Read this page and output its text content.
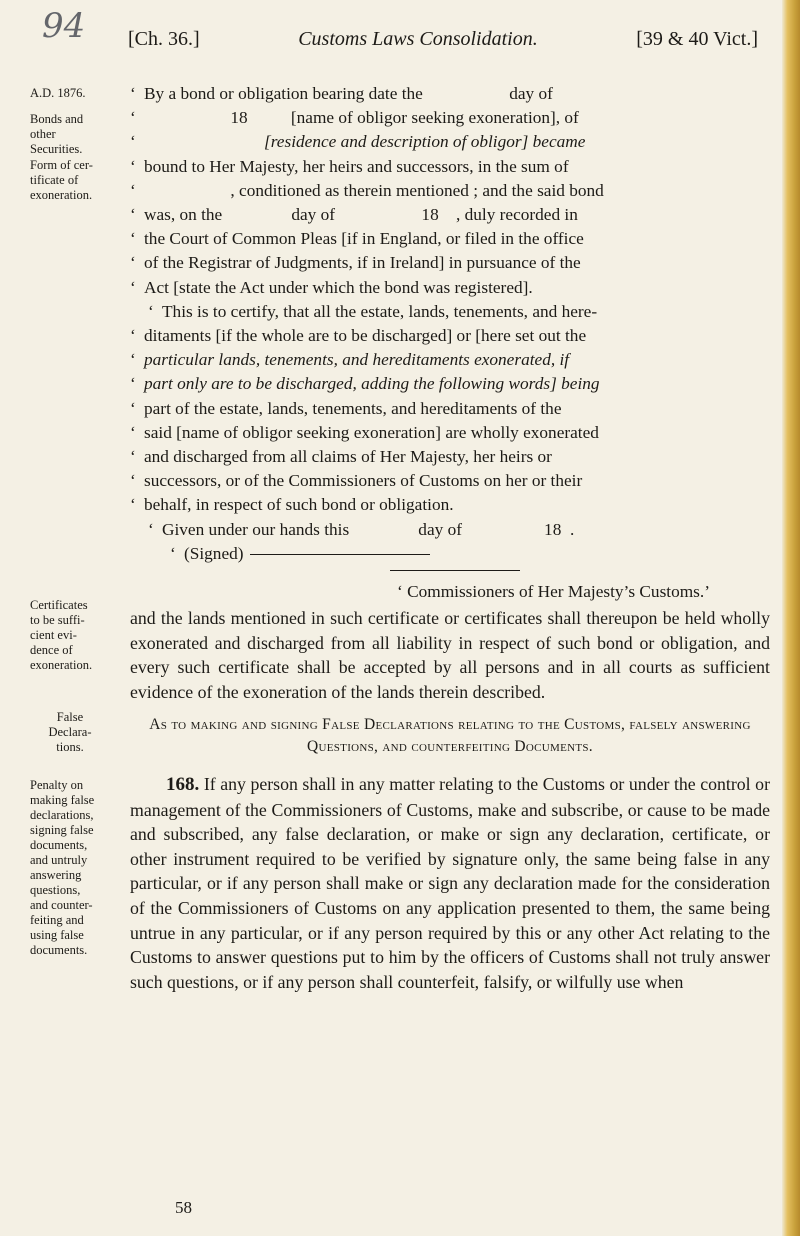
94 [Ch. 36.]	Customs Laws Consolidation.	[39 & 40 Vict.]
A.D. 1876.
Bonds and
other
Securities.
Form of cer-
tificate of
exoneration.
Certificates
to be suffi-
cient evi-
dence of
exoneration.
False
Declara-
tions.
Penalty on
making false
declarations,
signing false
documents,
and untruly
answering
questions,
and counter-
feiting and
using false
documents.
‘ By a bond or obligation bearing date the                    day of
‘                    18          [name of obligor seeking exoneration], of
‘	[residence and description of obligor] became
‘ bound to Her Majesty, her heirs and successors, in the sum of
‘                    , conditioned as therein mentioned ; and the said bond
‘ was, on the                day of                    18    , duly recorded in
‘ the Court of Common Pleas [if in England, or filed in the office
‘ of the Registrar of Judgments, if in Ireland] in pursuance of the
‘ Act [state the Act under which the bond was registered].
‘ This is to certify, that all the estate, lands, tenements, and here-
‘ ditaments [if the whole are to be discharged] or [here set out the
‘ particular lands, tenements, and hereditaments exonerated, if
‘ part only are to be discharged, adding the following words] being
‘ part of the estate, lands, tenements, and hereditaments of the
‘ said [name of obligor seeking exoneration] are wholly exonerated
‘ and discharged from all claims of Her Majesty, her heirs or
‘ successors, or of the Commissioners of Customs on her or their
‘ behalf, in respect of such bond or obligation.
‘ Given under our hands this                day of                   18  .
‘ (Signed)
‘ Commissioners of Her Majesty’s Customs.’
and the lands mentioned in such certificate or certificates shall thereupon be held wholly exonerated and discharged from all liability in respect of such bond or obligation, and every such certificate shall be accepted by all persons and in all courts as sufficient evidence of the exoneration of the lands therein described.
As to making and signing False Declarations relating to the Customs, falsely answering Questions, and counterfeiting Documents.
168. If any person shall in any matter relating to the Customs or under the control or management of the Commissioners of Customs, make and subscribe, or cause to be made and subscribed, any false declaration, or make or sign any declaration, certificate, or other instrument required to be verified by signature only, the same being false in any particular, or if any person shall make or sign any declaration made for the consideration of the Commissioners of Customs on any application presented to them, the same being untrue in any particular, or if any person required by this or any other Act relating to the Customs to answer questions put to him by the officers of Customs shall not truly answer such questions, or if any person shall counterfeit, falsify, or wilfully use when
58
